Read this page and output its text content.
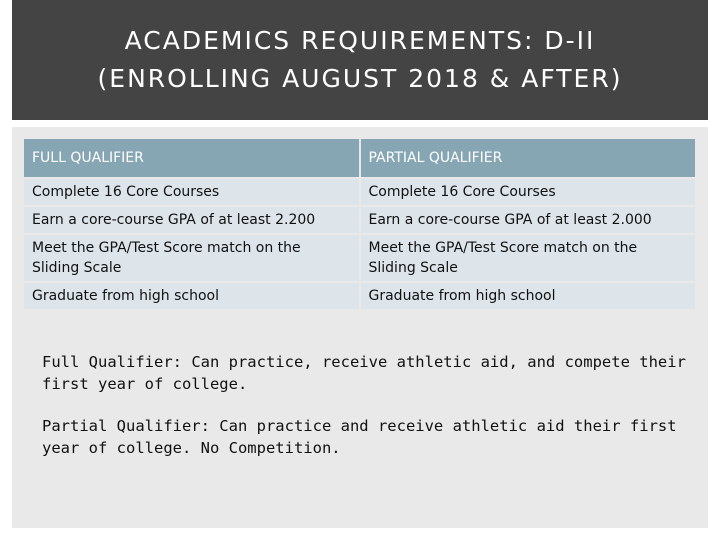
ACADEMICS REQUIREMENTS: D-II
(ENROLLING AUGUST 2018 & AFTER)
FULL QUALIFIER	PARTIAL QUALIFIER
Complete 16 Core Courses	Complete 16 Core Courses
Earn a core-course GPA of at least 2.200	Earn a core-course GPA of at least 2.000
Meet the GPA/Test Score match on the Sliding Scale	Meet the GPA/Test Score match on the Sliding Scale
Graduate from high school	Graduate from high school

Full Qualifier: Can practice, receive athletic aid, and compete their first year of college.

Partial Qualifier: Can practice and receive athletic aid their first year of college. No Competition.
